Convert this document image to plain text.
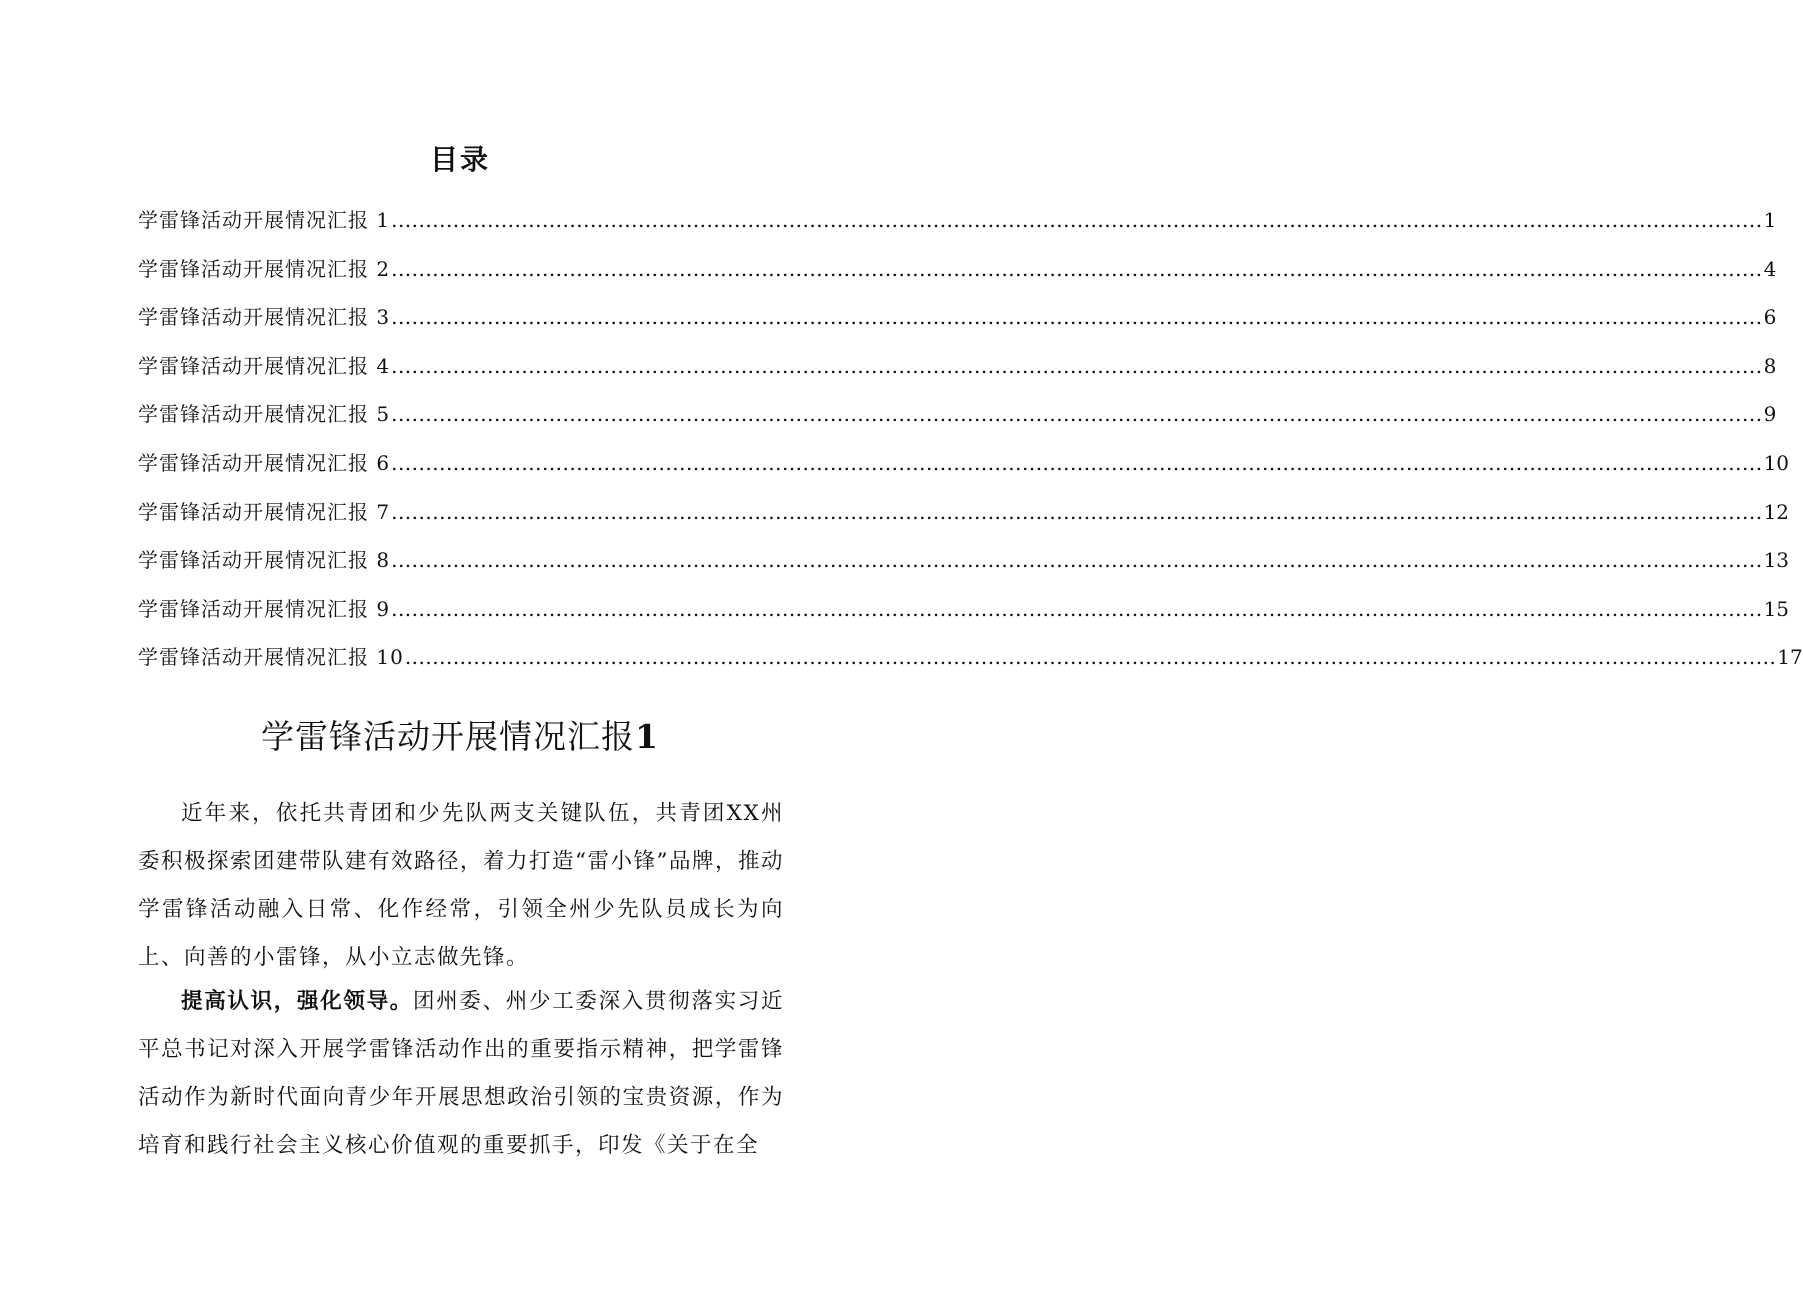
目录
学雷锋活动开展情况汇报 1 ........................................................................................................................................................................................................ 1
学雷锋活动开展情况汇报 2 ........................................................................................................................................................................................................ 4
学雷锋活动开展情况汇报 3 ........................................................................................................................................................................................................ 6
学雷锋活动开展情况汇报 4 ........................................................................................................................................................................................................ 8
学雷锋活动开展情况汇报 5 ........................................................................................................................................................................................................ 9
学雷锋活动开展情况汇报 6 ........................................................................................................................................................................................................ 10
学雷锋活动开展情况汇报 7 ........................................................................................................................................................................................................ 12
学雷锋活动开展情况汇报 8 ........................................................................................................................................................................................................ 13
学雷锋活动开展情况汇报 9 ........................................................................................................................................................................................................ 15
学雷锋活动开展情况汇报 10 ........................................................................................................................................................................................................ 17
学雷锋活动开展情况汇报1

近年来，依托共青团和少先队两支关键队伍，共青团XX州委积极探索团建带队建有效路径，着力打造“雷小锋”品牌，推动学雷锋活动融入日常、化作经常，引领全州少先队员成长为向上、向善的小雷锋，从小立志做先锋。

提高认识，强化领导。团州委、州少工委深入贯彻落实习近平总书记对深入开展学雷锋活动作出的重要指示精神，把学雷锋活动作为新时代面向青少年开展思想政治引领的宝贵资源，作为培育和践行社会主义核心价值观的重要抓手，印发《关于在全
